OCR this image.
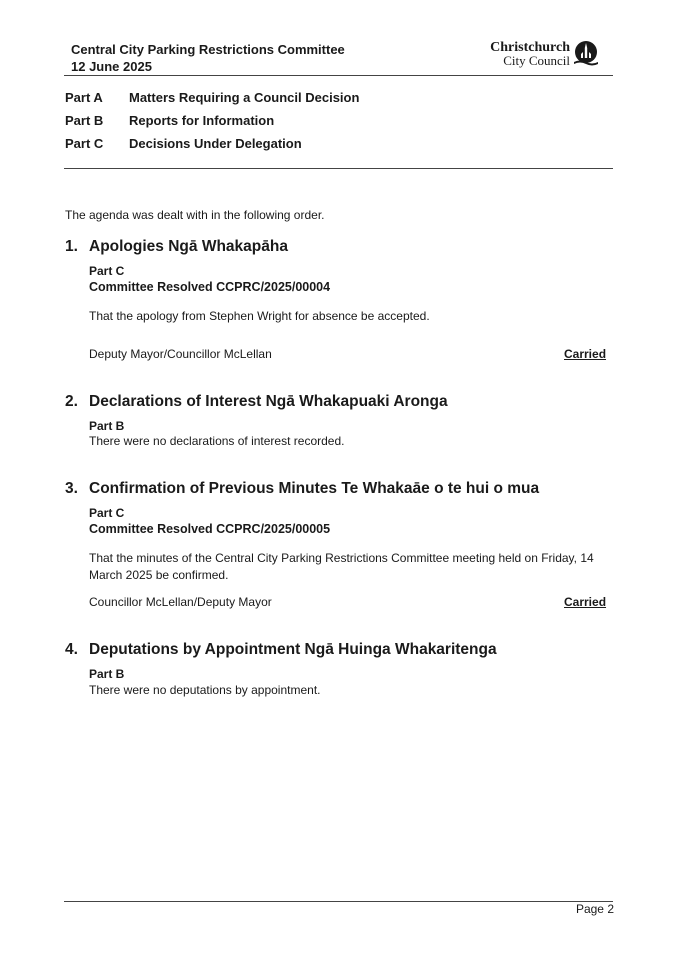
Central City Parking Restrictions Committee
12 June 2025
Christchurch
City Council
Part A Matters Requiring a Council Decision
Part B Reports for Information
Part C Decisions Under Delegation
The agenda was dealt with in the following order.
1. Apologies Ngā Whakapāha
Part C
Committee Resolved CCPRC/2025/00004
That the apology from Stephen Wright for absence be accepted.
Deputy Mayor/Councillor McLellan	Carried
2. Declarations of Interest Ngā Whakapuaki Aronga
Part B
There were no declarations of interest recorded.
3. Confirmation of Previous Minutes Te Whakaāe o te hui o mua
Part C
Committee Resolved CCPRC/2025/00005
That the minutes of the Central City Parking Restrictions Committee meeting held on Friday, 14
March 2025 be confirmed.
Councillor McLellan/Deputy Mayor	Carried
4. Deputations by Appointment Ngā Huinga Whakaritenga
Part B
There were no deputations by appointment.
Page 2
